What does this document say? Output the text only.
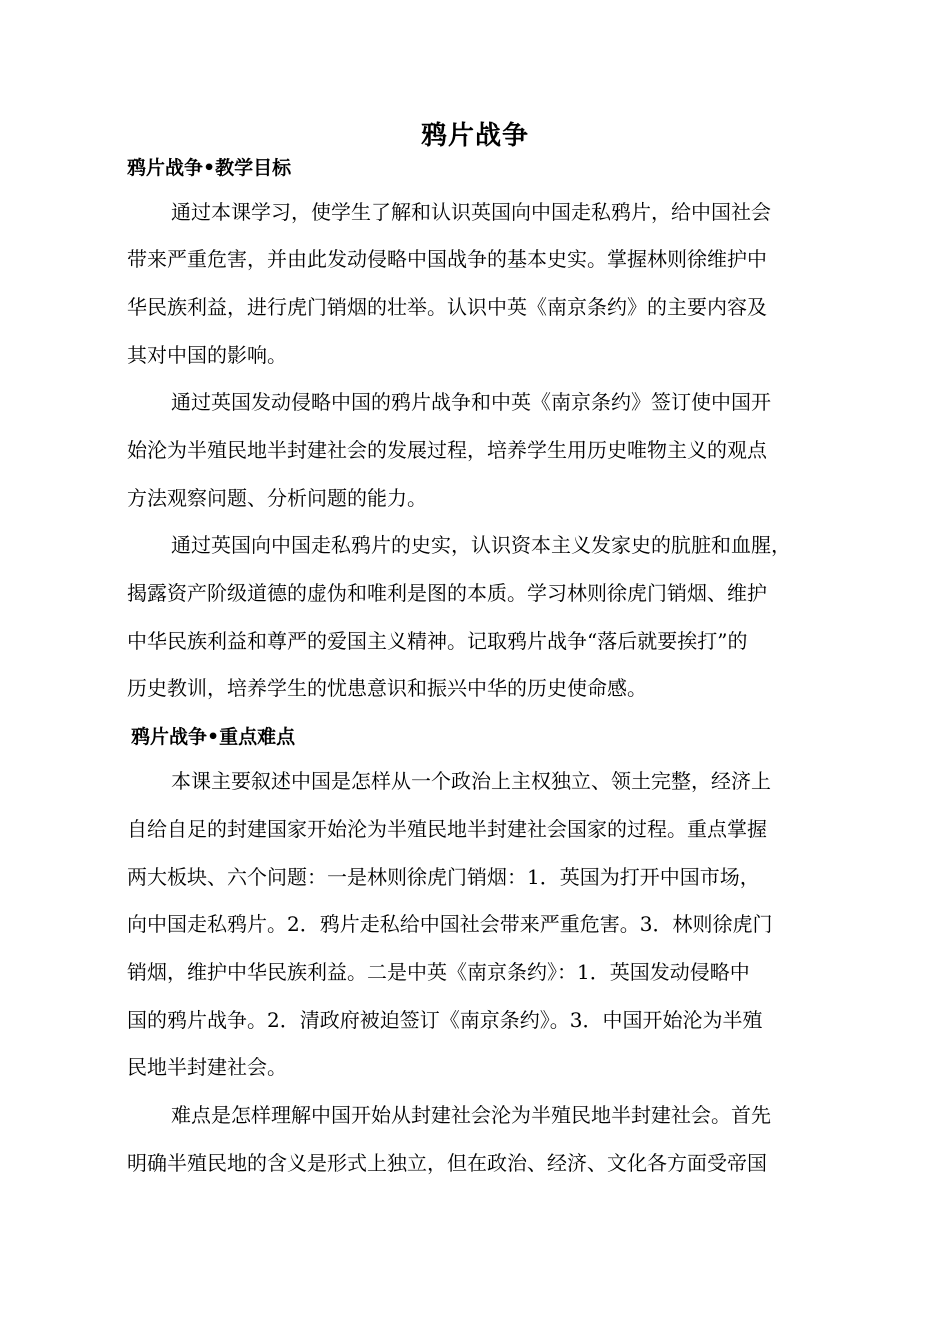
鸦片战争
鸦片战争•教学目标

通过本课学习，使学生了解和认识英国向中国走私鸦片，给中国社会

带来严重危害，并由此发动侵略中国战争的基本史实。掌握林则徐维护中

华民族利益，进行虎门销烟的壮举。认识中英《南京条约》的主要内容及

其对中国的影响。

通过英国发动侵略中国的鸦片战争和中英《南京条约》签订使中国开

始沦为半殖民地半封建社会的发展过程，培养学生用历史唯物主义的观点

方法观察问题、分析问题的能力。

通过英国向中国走私鸦片的史实，认识资本主义发家史的肮脏和血腥，

揭露资产阶级道德的虚伪和唯利是图的本质。学习林则徐虎门销烟、维护

中华民族利益和尊严的爱国主义精神。记取鸦片战争“落后就要挨打”的

历史教训，培养学生的忧患意识和振兴中华的历史使命感。

鸦片战争•重点难点

本课主要叙述中国是怎样从一个政治上主权独立、领土完整，经济上

自给自足的封建国家开始沦为半殖民地半封建社会国家的过程。重点掌握

两大板块、六个问题：一是林则徐虎门销烟：1．英国为打开中国市场，

向中国走私鸦片。2．鸦片走私给中国社会带来严重危害。3．林则徐虎门

销烟，维护中华民族利益。二是中英《南京条约》：1．英国发动侵略中

国的鸦片战争。2．清政府被迫签订《南京条约》。3．中国开始沦为半殖

民地半封建社会。

难点是怎样理解中国开始从封建社会沦为半殖民地半封建社会。首先

明确半殖民地的含义是形式上独立，但在政治、经济、文化各方面受帝国
